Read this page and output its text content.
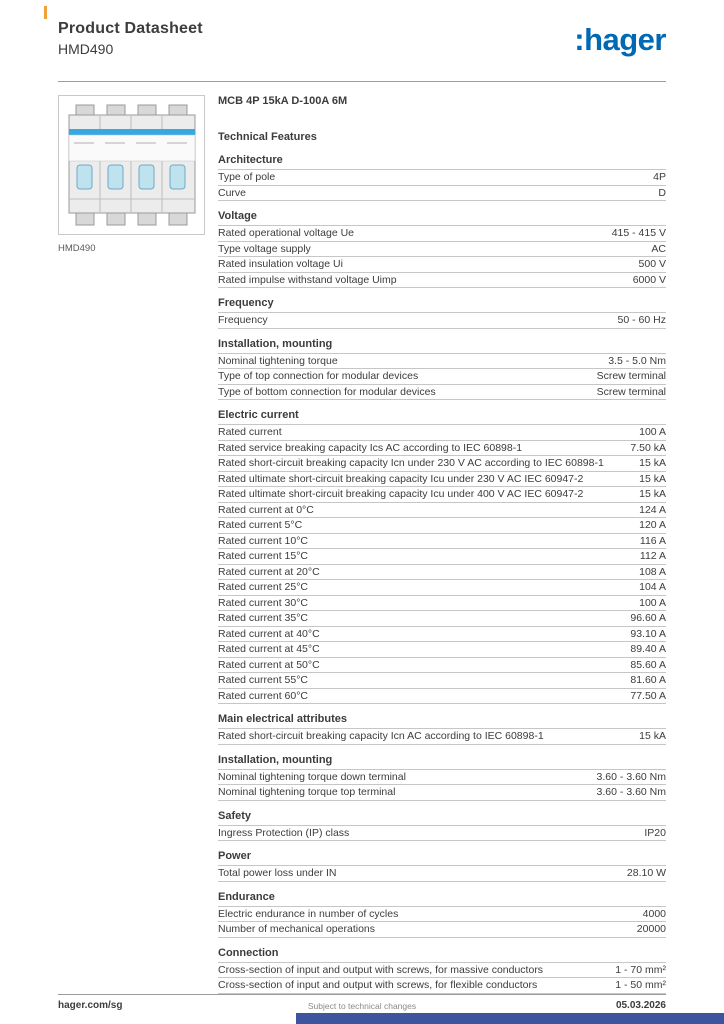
Product Datasheet
HMD490	:hager
HMD490
MCB 4P 15kA D-100A 6M
Technical Features
Architecture
Type of pole	4P
Curve	D
Voltage
Rated operational voltage Ue	415 - 415 V
Type voltage supply	AC
Rated insulation voltage Ui	500 V
Rated impulse withstand voltage Uimp	6000 V
Frequency
Frequency	50 - 60 Hz
Installation, mounting
Nominal tightening torque	3.5 - 5.0 Nm
Type of top connection for modular devices	Screw terminal
Type of bottom connection for modular devices	Screw terminal
Electric current
Rated current	100 A
Rated service breaking capacity Ics AC according to IEC 60898-1	7.50 kA
Rated short-circuit breaking capacity Icn under 230 V AC according to IEC 60898-1	15 kA
Rated ultimate short-circuit breaking capacity Icu under 230 V AC IEC 60947-2	15 kA
Rated ultimate short-circuit breaking capacity Icu under 400 V AC IEC 60947-2	15 kA
Rated current at 0°C	124 A
Rated current 5°C	120 A
Rated current 10°C	116 A
Rated current 15°C	112 A
Rated current at 20°C	108 A
Rated current 25°C	104 A
Rated current 30°C	100 A
Rated current 35°C	96.60 A
Rated current at 40°C	93.10 A
Rated current at 45°C	89.40 A
Rated current at 50°C	85.60 A
Rated current 55°C	81.60 A
Rated current 60°C	77.50 A
Main electrical attributes
Rated short-circuit breaking capacity Icn AC according to IEC 60898-1	15 kA
Installation, mounting
Nominal tightening torque down terminal	3.60 - 3.60 Nm
Nominal tightening torque top terminal	3.60 - 3.60 Nm
Safety
Ingress Protection (IP) class	IP20
Power
Total power loss under IN	28.10 W
Endurance
Electric endurance in number of cycles	4000
Number of mechanical operations	20000
Connection
Cross-section of input and output with screws, for massive conductors	1 - 70 mm²
Cross-section of input and output with screws, for flexible conductors	1 - 50 mm²
hager.com/sg	Subject to technical changes	05.03.2026
